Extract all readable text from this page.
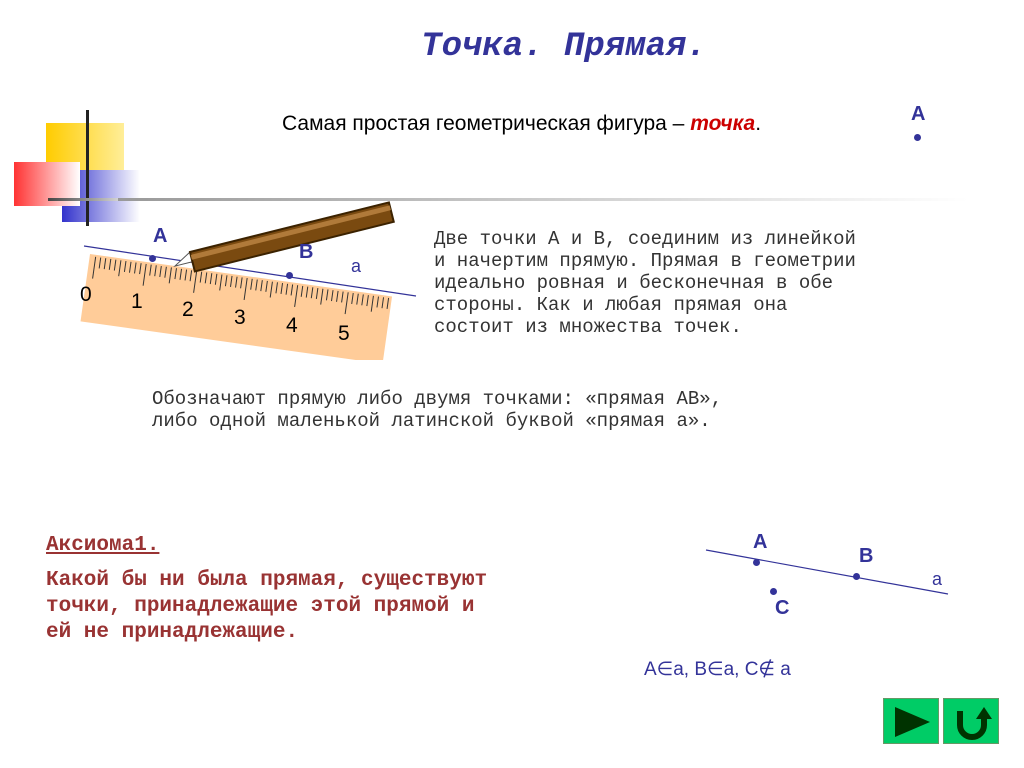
Точка. Прямая.
Самая простая геометрическая фигура – точка.	A
A
B
a
0 1 2 3 4 5
Две точки А и В, соединим из линейкой
и начертим прямую. Прямая в геометрии
идеально ровная и бесконечная в обе
стороны. Как и любая прямая она
состоит из множества точек.
Обозначают прямую либо двумя точками: «прямая АВ»,
либо одной маленькой латинской буквой «прямая а».
Аксиома1.
Какой бы ни была прямая, существуют
точки, принадлежащие этой прямой и
ей не принадлежащие.
A
B
a
C
A∈a, B∈a, C∉ a
